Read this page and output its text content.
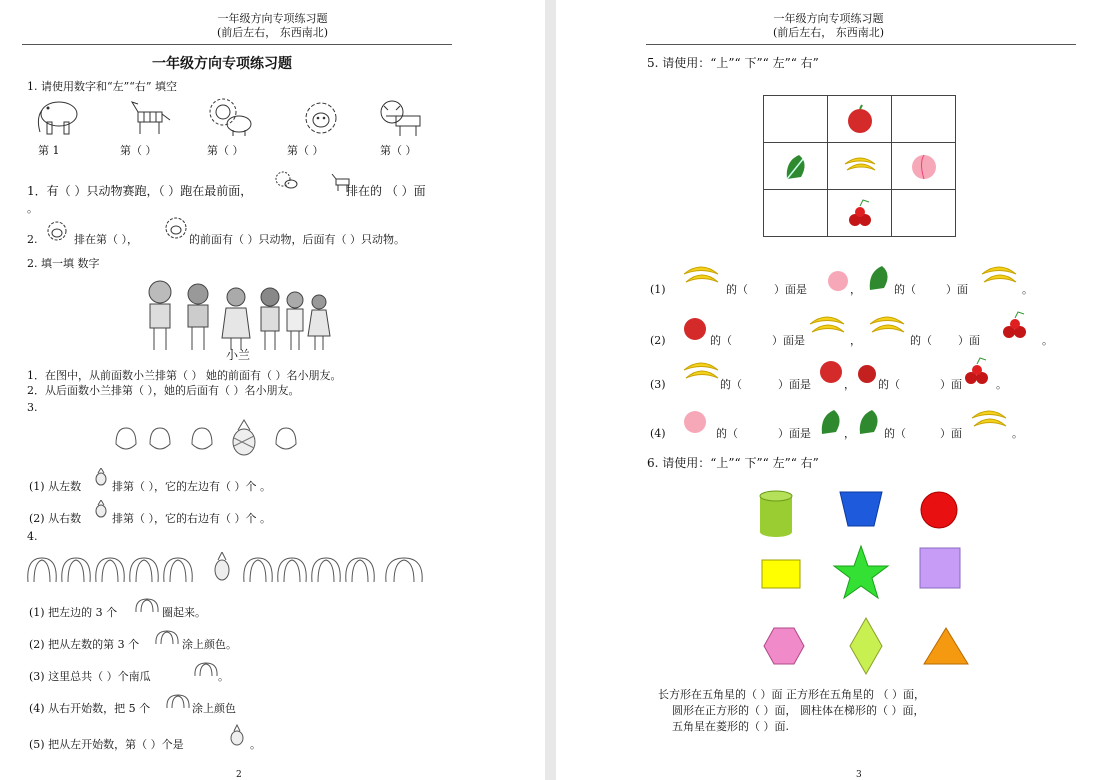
一年级方向专项练习题
(前后左右， 东西南北)
一年级方向专项练习题
1. 请使用数字和“左”“右” 填空
第 1	第（ ）	第（ ）	第（ ）	第（ ）
1．有（ ）只动物赛跑，（ ）跑在最前面，	排在的 （ ）面
。
2.	排在第（ ），	的前面有（ ）只动物，后面有（ ）只动物。
2. 填一填 数字
小兰
1．在图中，从前面数小兰排第（ ） 她的前面有（ ）名小朋友。
2．从后面数小兰排第（ ），她的后面有（ ）名小朋友。
3.
(1) 从左数	排第（ ），它的左边有（ ）个 。
(2) 从右数	排第（ ），它的右边有（ ）个 。
4.
(1) 把左边的 3 个	圈起来。
(2) 把从左数的第 3 个	涂上颜色。
(3) 这里总共（ ）个南瓜	。
(4) 从右开始数，把 5 个	涂上颜色
(5) 把从左开始数，第（ ）个是	。
2
一年级方向专项练习题
(前后左右， 东西南北)
5. 请使用：“上”“ 下”“ 左”“ 右”

(1)	的（ ）面是	，	的（	）面	。
(2)	的（	）面是	，	的（ ）面	。
(3)	的（	）面是	， 的（	）面	。
(4)	的（	）面是	，	的（	）面	。
6. 请使用：“上”“ 下”“ 左”“ 右”
长方形在五角星的（ ）面 正方形在五角星的 （ ）面，
圆形在正方形的（ ）面， 圆柱体在梯形的（ ）面，
五角星在菱形的（ ）面.
3
